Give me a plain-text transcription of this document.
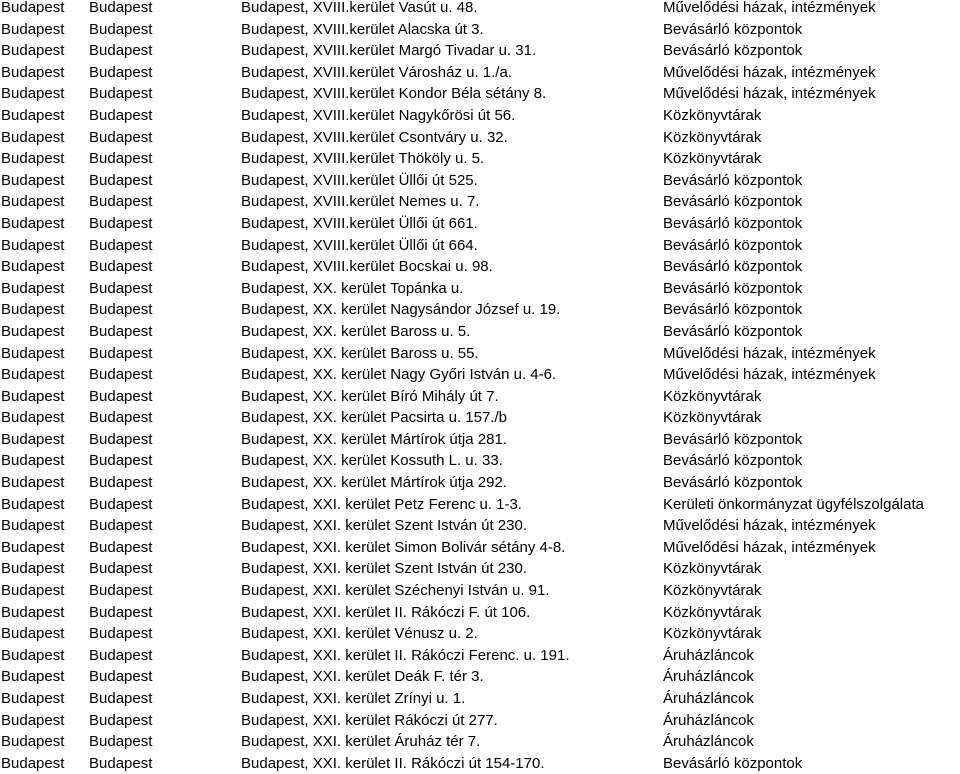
Budapest Budapest	Budapest, XVIII.kerület Vasút u. 48.	Művelődési házak, intézmények
Budapest Budapest	Budapest, XVIII.kerület Alacska út 3.	Bevásárló központok
Budapest Budapest	Budapest, XVIII.kerület Margó Tivadar u. 31.	Bevásárló központok
Budapest Budapest	Budapest, XVIII.kerület Városház u. 1./a.	Művelődési házak, intézmények
Budapest Budapest	Budapest, XVIII.kerület Kondor Béla sétány 8.	Művelődési házak, intézmények
Budapest Budapest	Budapest, XVIII.kerület Nagykőrösi út 56.	Közkönyvtárak
Budapest Budapest	Budapest, XVIII.kerület Csontváry u. 32.	Közkönyvtárak
Budapest Budapest	Budapest, XVIII.kerület Thököly u. 5.	Közkönyvtárak
Budapest Budapest	Budapest, XVIII.kerület Üllői út 525.	Bevásárló központok
Budapest Budapest	Budapest, XVIII.kerület Nemes u. 7.	Bevásárló központok
Budapest Budapest	Budapest, XVIII.kerület Üllői út 661.	Bevásárló központok
Budapest Budapest	Budapest, XVIII.kerület Üllői út 664.	Bevásárló központok
Budapest Budapest	Budapest, XVIII.kerület Bocskai u. 98.	Bevásárló központok
Budapest Budapest	Budapest, XX. kerület Topánka u.	Bevásárló központok
Budapest Budapest	Budapest, XX. kerület Nagysándor József u. 19.	Bevásárló központok
Budapest Budapest	Budapest, XX. kerület Baross u. 5.	Bevásárló központok
Budapest Budapest	Budapest, XX. kerület Baross u. 55.	Művelődési házak, intézmények
Budapest Budapest	Budapest, XX. kerület Nagy Győri István u. 4-6.	Művelődési házak, intézmények
Budapest Budapest	Budapest, XX. kerület Bíró Mihály út 7.	Közkönyvtárak
Budapest Budapest	Budapest, XX. kerület Pacsirta u. 157./b	Közkönyvtárak
Budapest Budapest	Budapest, XX. kerület Mártírok útja 281.	Bevásárló központok
Budapest Budapest	Budapest, XX. kerület Kossuth L. u. 33.	Bevásárló központok
Budapest Budapest	Budapest, XX. kerület Mártírok útja 292.	Bevásárló központok
Budapest Budapest	Budapest, XXI. kerület Petz Ferenc u. 1-3.	Kerületi önkormányzat ügyfélszolgálata
Budapest Budapest	Budapest, XXI. kerület Szent István út 230.	Művelődési házak, intézmények
Budapest Budapest	Budapest, XXI. kerület Simon Bolivár sétány 4-8.	Művelődési házak, intézmények
Budapest Budapest	Budapest, XXI. kerület Szent István út 230.	Közkönyvtárak
Budapest Budapest	Budapest, XXI. kerület Széchenyi István u. 91.	Közkönyvtárak
Budapest Budapest	Budapest, XXI. kerület II. Rákóczi F. út 106.	Közkönyvtárak
Budapest Budapest	Budapest, XXI. kerület Vénusz u. 2.	Közkönyvtárak
Budapest Budapest	Budapest, XXI. kerület II. Rákóczi Ferenc. u. 191.	Áruházláncok
Budapest Budapest	Budapest, XXI. kerület Deák F. tér 3.	Áruházláncok
Budapest Budapest	Budapest, XXI. kerület Zrínyi u. 1.	Áruházláncok
Budapest Budapest	Budapest, XXI. kerület Rákóczi út 277.	Áruházláncok
Budapest Budapest	Budapest, XXI. kerület Áruház tér 7.	Áruházláncok
Budapest Budapest	Budapest, XXI. kerület II. Rákóczi út 154-170.	Bevásárló központok
